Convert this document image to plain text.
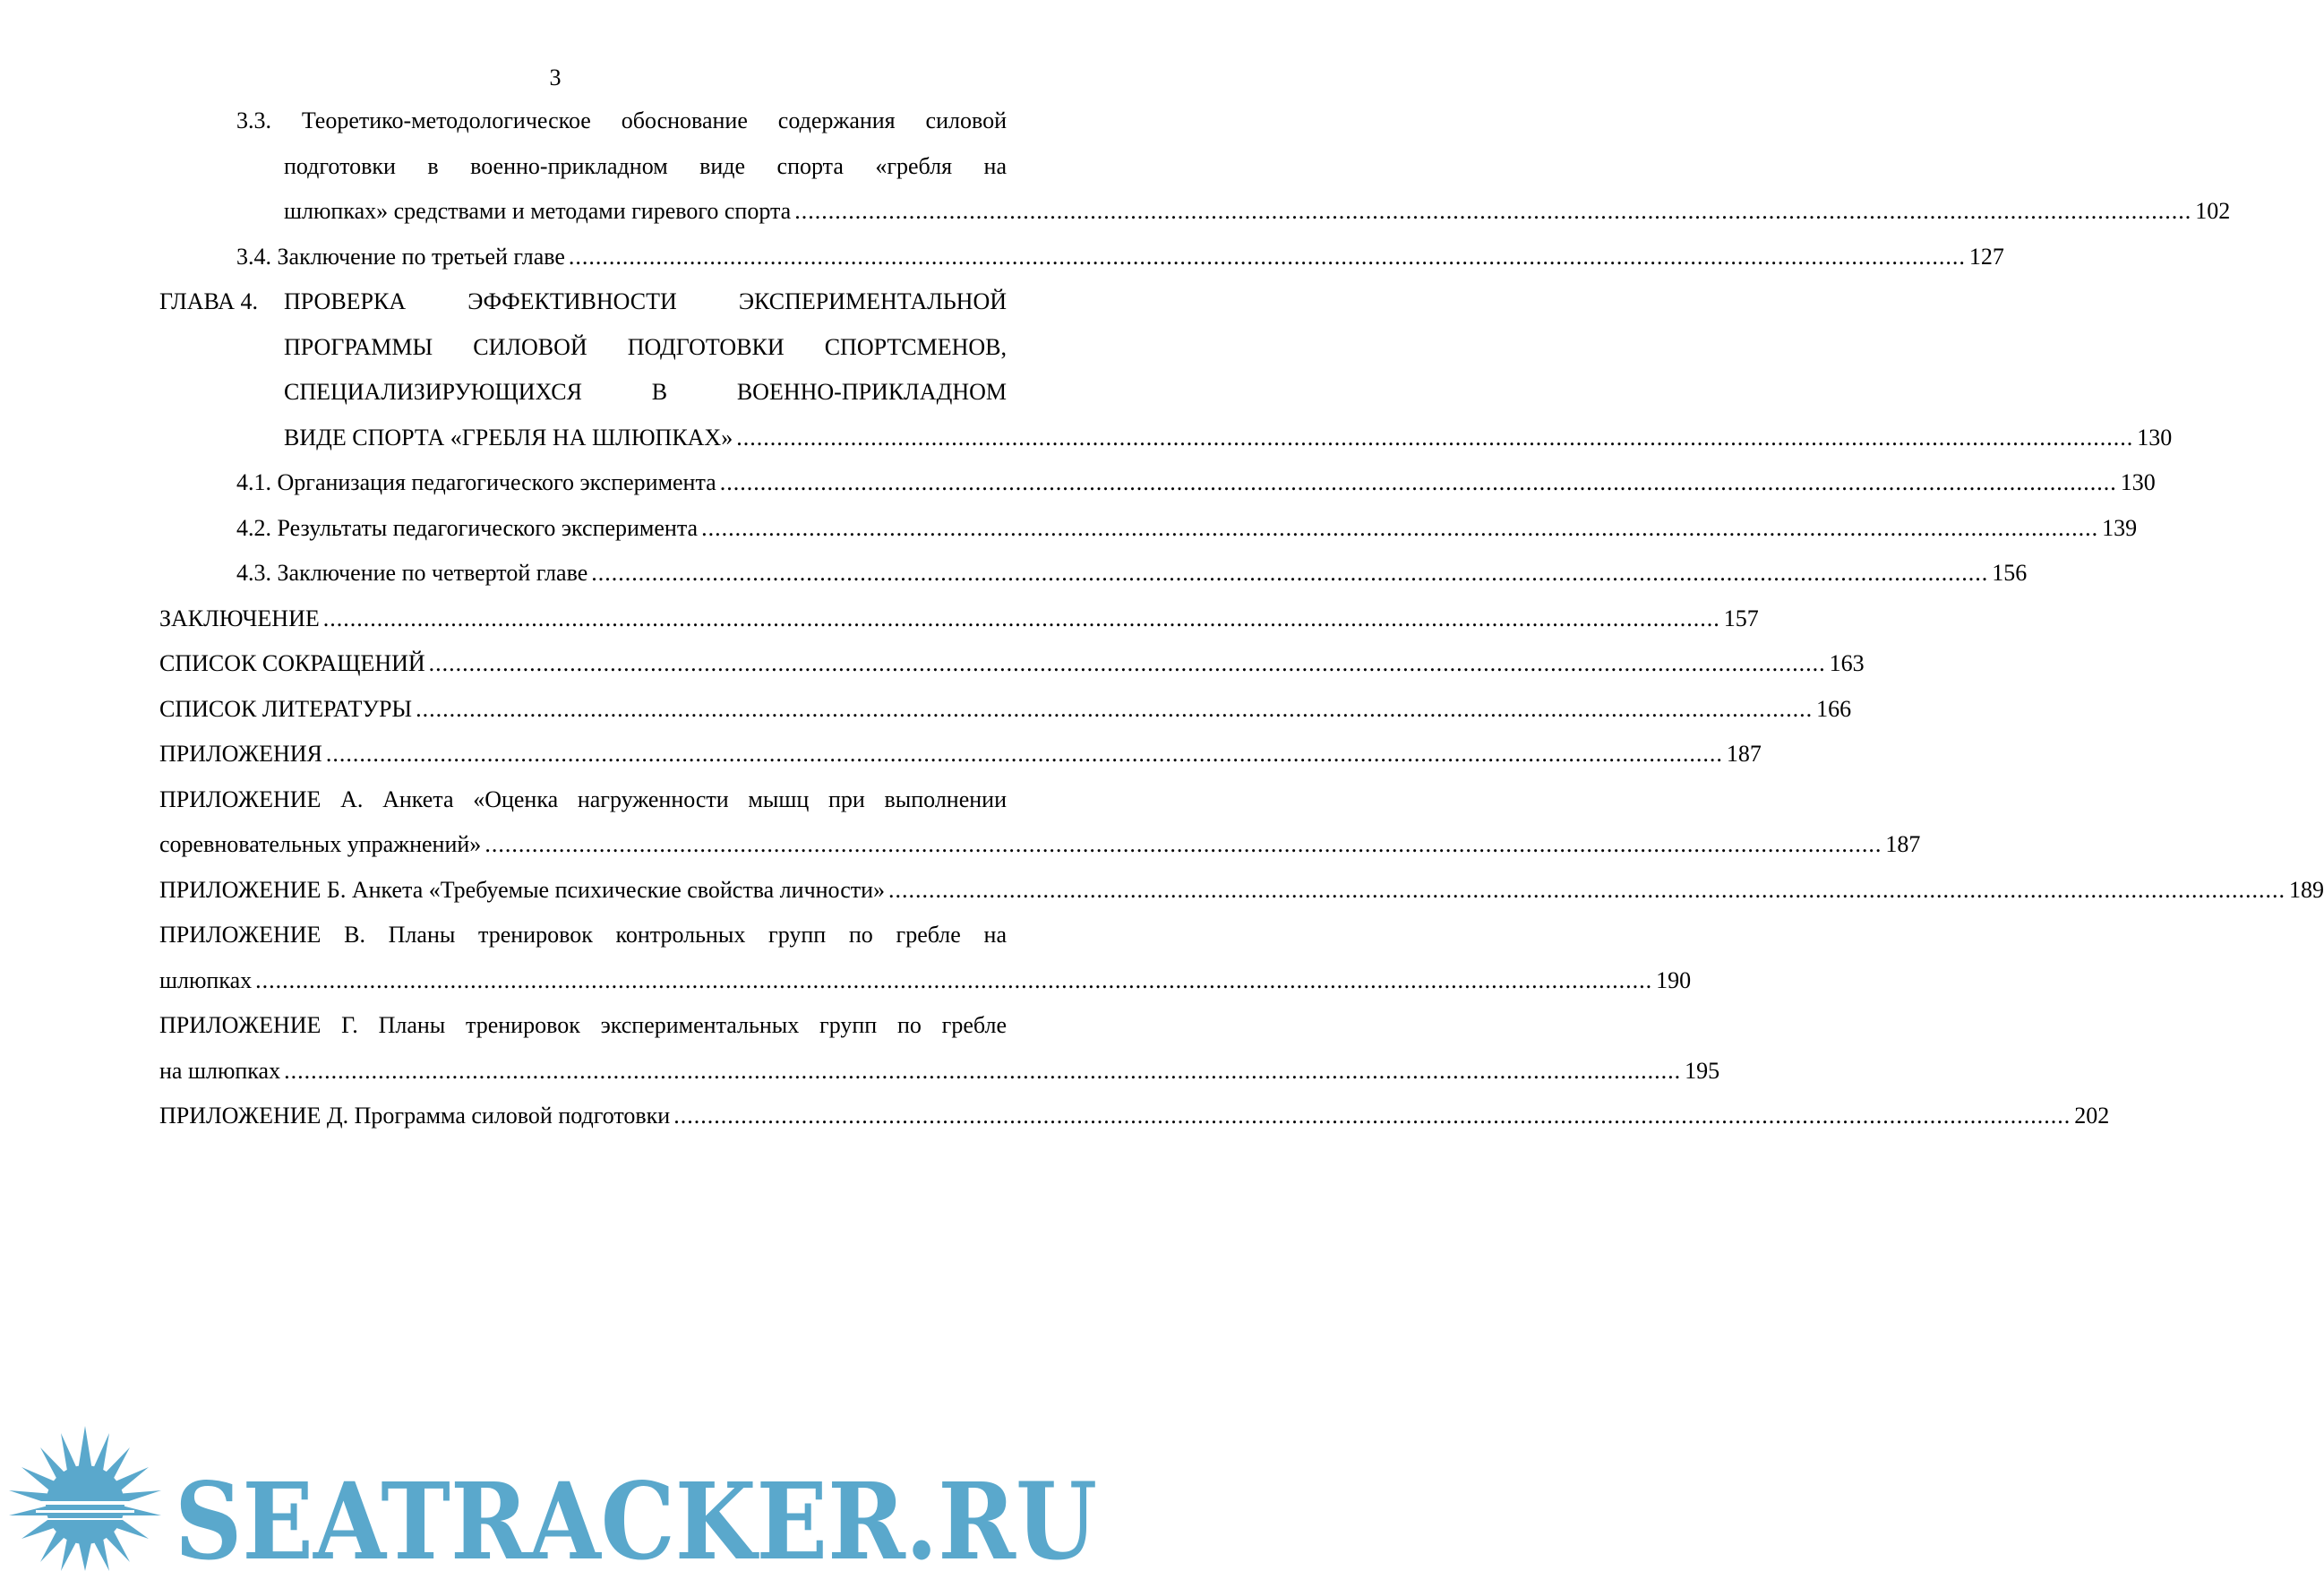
3
3.3. Теоретико-методологическое обоснование содержания силовой
подготовки в военно-прикладном виде спорта «гребля на
шлюпках» средствами и методами гиревого спорта ................................................................................................................................................................................................................ 102
3.4. Заключение по третьей главе ................................................................................................................................................................................................................ 127
ГЛАВА 4.	ПРОВЕРКА ЭФФЕКТИВНОСТИ ЭКСПЕРИМЕНТАЛЬНОЙ
ПРОГРАММЫ СИЛОВОЙ ПОДГОТОВКИ СПОРТСМЕНОВ,
СПЕЦИАЛИЗИРУЮЩИХСЯ В ВОЕННО-ПРИКЛАДНОМ
ВИДЕ СПОРТА «ГРЕБЛЯ НА ШЛЮПКАХ» ................................................................................................................................................................................................................ 130
4.1. Организация педагогического эксперимента ................................................................................................................................................................................................................ 130
4.2. Результаты педагогического эксперимента ................................................................................................................................................................................................................ 139
4.3. Заключение по четвертой главе ................................................................................................................................................................................................................ 156
ЗАКЛЮЧЕНИЕ ................................................................................................................................................................................................................ 157
СПИСОК СОКРАЩЕНИЙ ................................................................................................................................................................................................................ 163
СПИСОК ЛИТЕРАТУРЫ ................................................................................................................................................................................................................ 166
ПРИЛОЖЕНИЯ ................................................................................................................................................................................................................ 187
ПРИЛОЖЕНИЕ А. Анкета «Оценка нагруженности мышц при выполнении
соревновательных упражнений» ................................................................................................................................................................................................................ 187
ПРИЛОЖЕНИЕ Б. Анкета «Требуемые психические свойства личности» ................................................................................................................................................................................................................ 189
ПРИЛОЖЕНИЕ В. Планы тренировок контрольных групп по гребле на
шлюпках ................................................................................................................................................................................................................ 190
ПРИЛОЖЕНИЕ Г. Планы тренировок экспериментальных групп по гребле
на шлюпках ................................................................................................................................................................................................................ 195
ПРИЛОЖЕНИЕ Д. Программа силовой подготовки ................................................................................................................................................................................................................ 202
SEATRACKER.RU
